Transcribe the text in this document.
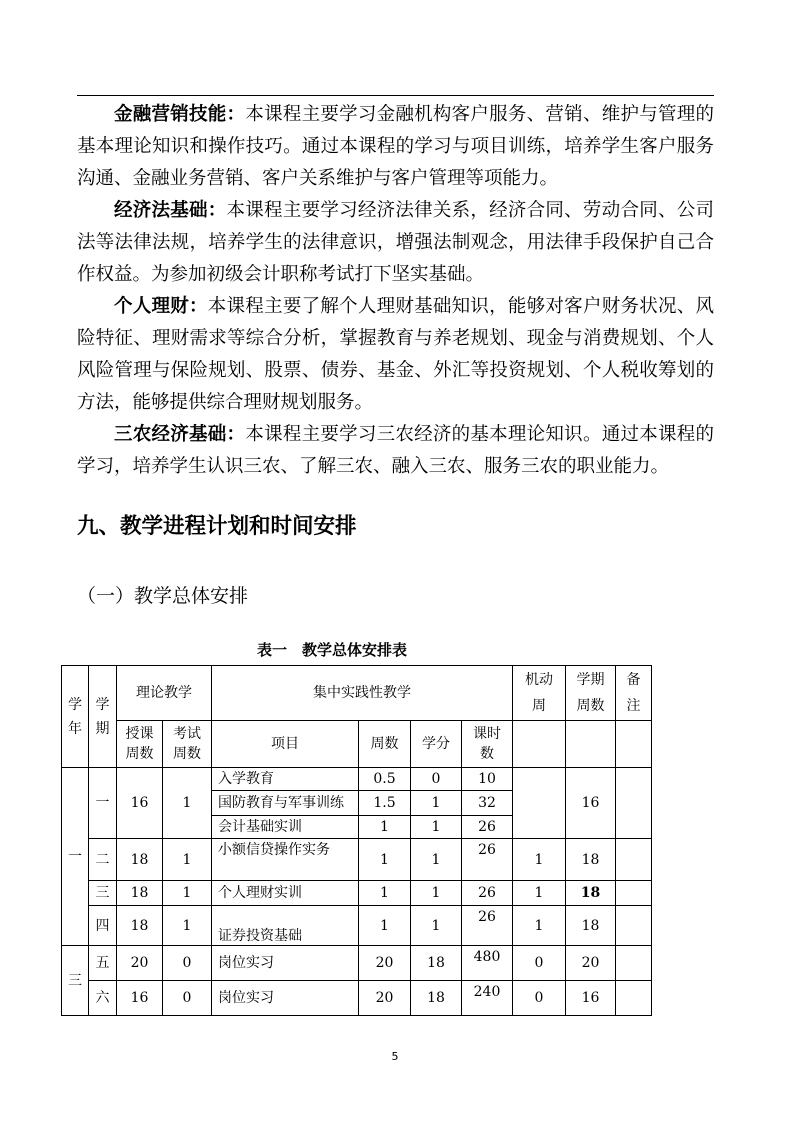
金融营销技能：本课程主要学习金融机构客户服务、营销、维护与管理的
基本理论知识和操作技巧。通过本课程的学习与项目训练，培养学生客户服务
沟通、金融业务营销、客户关系维护与客户管理等项能力。
经济法基础：本课程主要学习经济法律关系，经济合同、劳动合同、公司
法等法律法规，培养学生的法律意识，增强法制观念，用法律手段保护自己合
作权益。为参加初级会计职称考试打下坚实基础。
个人理财：本课程主要了解个人理财基础知识，能够对客户财务状况、风
险特征、理财需求等综合分析，掌握教育与养老规划、现金与消费规划、个人
风险管理与保险规划、股票、债券、基金、外汇等投资规划、个人税收筹划的
方法，能够提供综合理财规划服务。
三农经济基础：本课程主要学习三农经济的基本理论知识。通过本课程的
学习，培养学生认识三农、了解三农、融入三农、服务三农的职业能力。
九、教学进程计划和时间安排
（一）教学总体安排
表一　教学总体安排表
学年	学期	理论教学		集中实践性教学				机动周	学期周数	备注
		授课周数	考试周数	项目	周数	学分	课时数			
一	一	16	1	入学教育	0.5	0	10		16	
				国防教育与军事训练	1.5	1	32			
				会计基础实训	1	1	26			
	二	18	1	小额信贷操作实务	1	1	26	1	18	
	三	18	1	个人理财实训	1	1	26	1	18	
	四	18	1	证券投资基础	1	1	26	1	18	
三	五	20	0	岗位实习	20	18	480	0	20	
	六	16	0	岗位实习	20	18	240	0	16	
5
